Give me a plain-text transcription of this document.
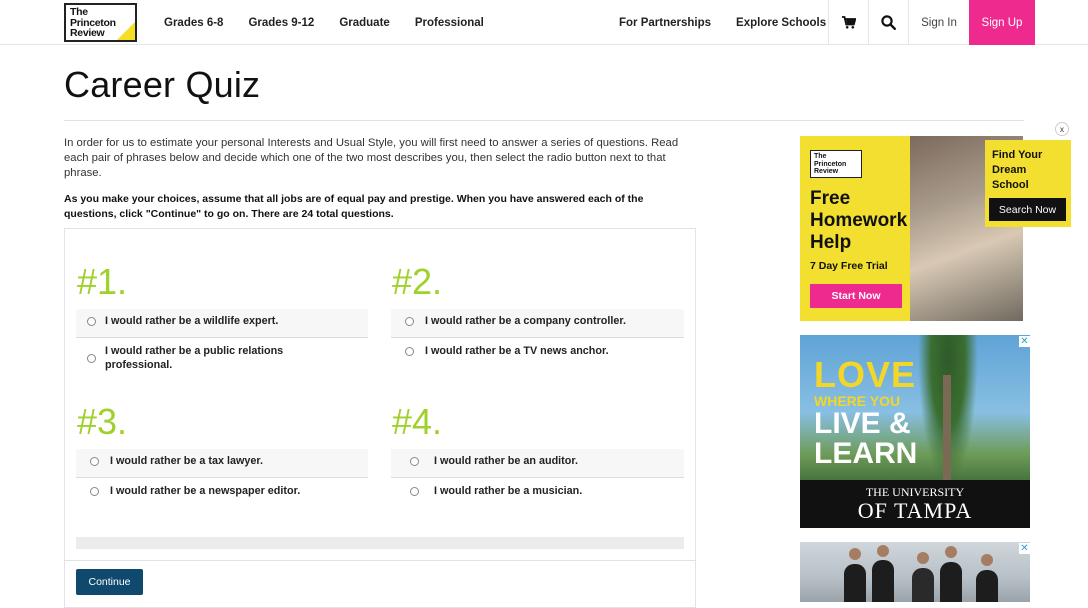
The
Princeton
Review
Grades 6-8 Grades 9-12 Graduate Professional	For Partnerships Explore Schools	Sign In	Sign Up
Career Quiz

In order for us to estimate your personal Interests and Usual Style, you will first need to answer a series of questions. Read each pair of phrases below and decide which one of the two most describes you, then select the radio button next to that phrase.

As you make your choices, assume that all jobs are of equal pay and prestige. When you have answered each of the questions, click "Continue" to go on. There are 24 total questions.

#1.
I would rather be a wildlife expert.
I would rather be a public relations professional.
#2.
I would rather be a company controller.
I would rather be a TV news anchor.
#3.
I would rather be a tax lawyer.
I would rather be a newspaper editor.
#4.
I would rather be an auditor.
I would rather be a musician.
Continue
The
Princeton
Review
Free
Homework
Help
7 Day Free Trial
Start Now
x
Find Your
Dream
School
Search Now
LOVE
WHERE YOU
LIVE &
LEARN
THE UNIVERSITY
OF TAMPA
✕
✕
